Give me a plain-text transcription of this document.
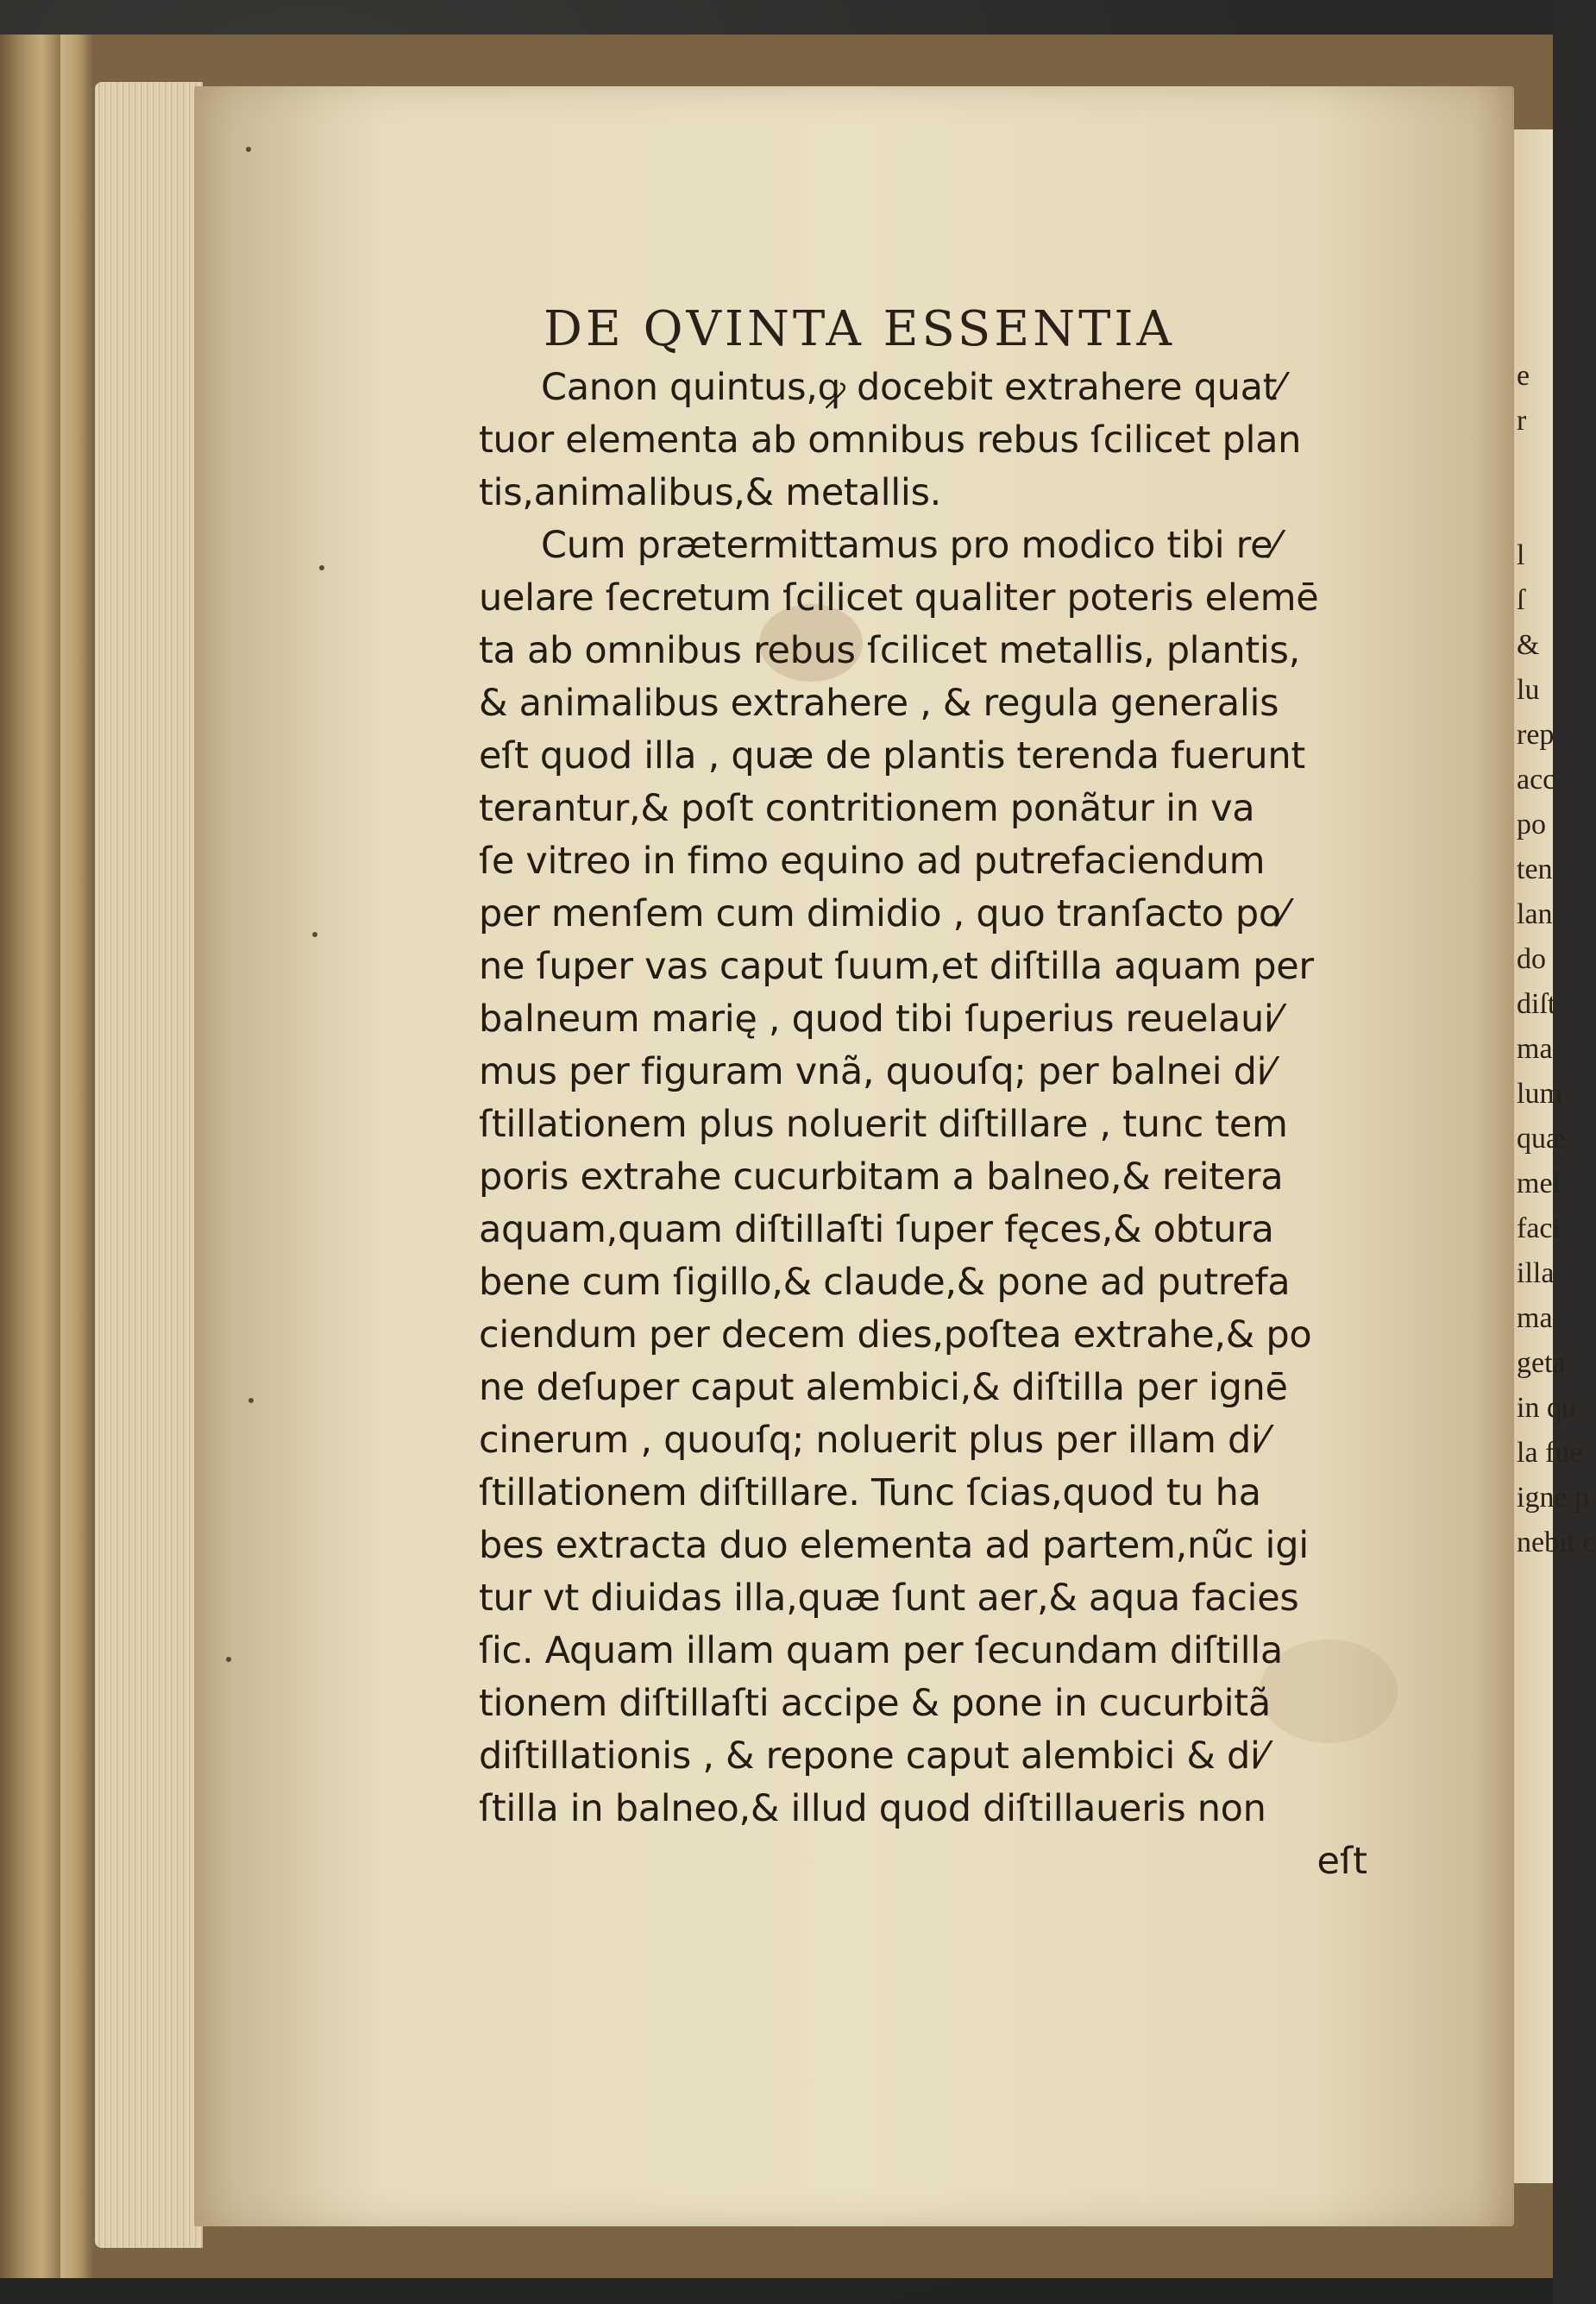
e
r
l
ſ
&
lu
rep
acc
po
ten
lan
do
diſt
ma
lum
quæ
mel
faci
illa
ma
geta
in qu
la fue
igne p
nebit c
DE QVINTA ESSENTIA
Canon quintus,ꝙ docebit extrahere quat⁄
tuor elementa ab omnibus rebus ſcilicet plan
tis,animalibus,& metallis.
Cum prætermittamus pro modico tibi re⁄
uelare ſecretum ſcilicet qualiter poteris elemē
ta ab omnibus rebus ſcilicet metallis, plantis,
& animalibus extrahere , & regula generalis
eſt quod illa , quæ de plantis terenda fuerunt
terantur,& poſt contritionem ponãtur in va
ſe vitreo in fimo equino ad putrefaciendum
per menſem cum dimidio , quo tranſacto po⁄
ne ſuper vas caput ſuum,et diſtilla aquam per
balneum marię , quod tibi ſuperius reuelaui⁄
mus per figuram vnã, quouſq; per balnei di⁄
ſtillationem plus noluerit diſtillare , tunc tem
poris extrahe cucurbitam a balneo,& reitera
aquam,quam diſtillaſti ſuper fęces,& obtura
bene cum ſigillo,& claude,& pone ad putrefa
ciendum per decem dies,poſtea extrahe,& po
ne deſuper caput alembici,& diſtilla per ignē
cinerum , quouſq; noluerit plus per illam di⁄
ſtillationem diſtillare. Tunc ſcias,quod tu ha
bes extracta duo elementa ad partem,nũc igi
tur vt diuidas illa,quæ ſunt aer,& aqua facies
ſic. Aquam illam quam per ſecundam diſtilla
tionem diſtillaſti accipe & pone in cucurbitã
diſtillationis , & repone caput alembici & di⁄
ſtilla in balneo,& illud quod diſtillaueris non
eſt
